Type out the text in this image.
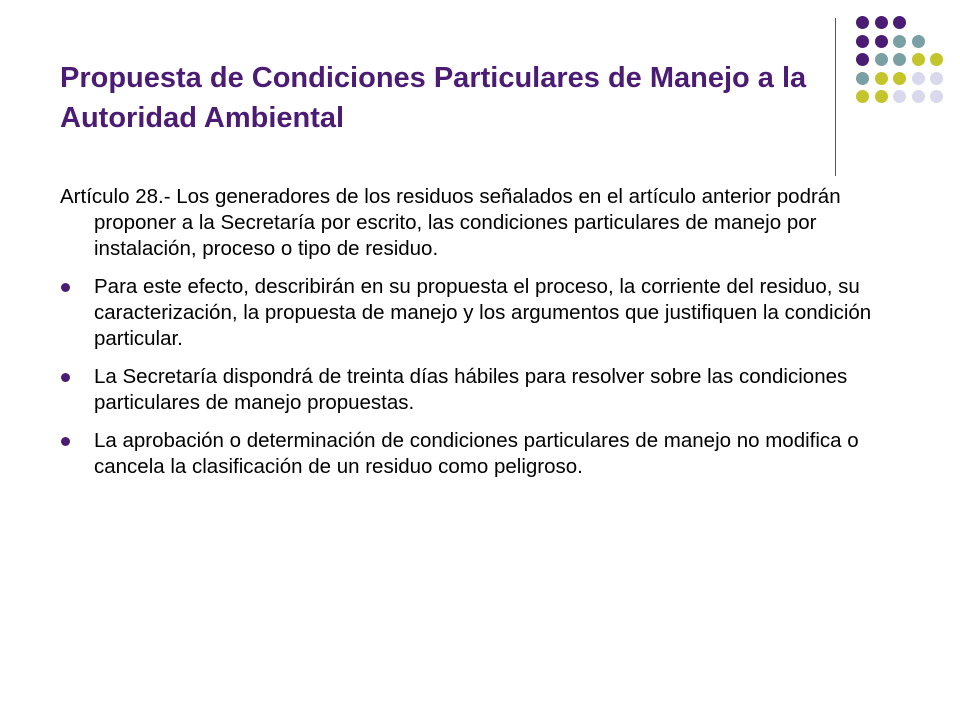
Propuesta de Condiciones Particulares de Manejo a la Autoridad Ambiental

Artículo 28.- Los generadores de los residuos señalados en el artículo anterior podrán proponer a la Secretaría por escrito, las condiciones particulares de manejo por instalación, proceso o tipo de residuo.

Para este efecto, describirán en su propuesta el proceso, la corriente del residuo, su caracterización, la propuesta de manejo y los argumentos que justifiquen la condición particular.
La Secretaría dispondrá de treinta días hábiles para resolver sobre las condiciones particulares de manejo propuestas.
La aprobación o determinación de condiciones particulares de manejo no modifica o cancela la clasificación de un residuo como peligroso.
